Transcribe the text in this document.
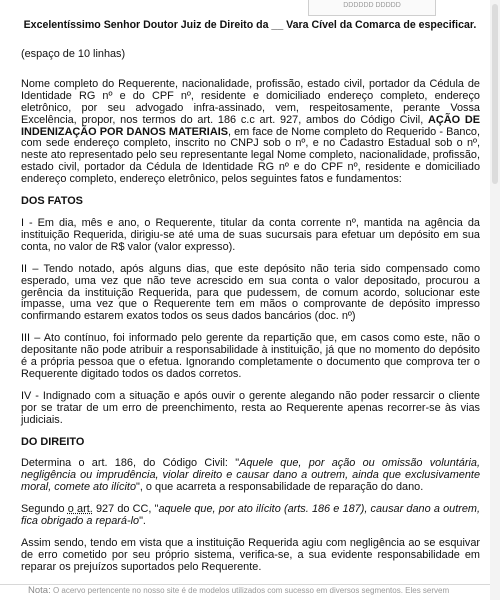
DDDDDD DDDDD
Excelentíssimo Senhor Doutor Juiz de Direito da __ Vara Cível da Comarca de especificar.

(espaço de 10 linhas)

Nome completo do Requerente, nacionalidade, profissão, estado civil, portador da Cédula de Identidade RG nº e do CPF nº, residente e domiciliado endereço completo, endereço eletrônico, por seu advogado infra-assinado, vem, respeitosamente, perante Vossa Excelência, propor, nos termos do art. 186 c.c art. 927, ambos do Código Civil, AÇÃO DE INDENIZAÇÃO POR DANOS MATERIAIS, em face de Nome completo do Requerido - Banco, com sede endereço completo, inscrito no CNPJ sob o nº, e no Cadastro Estadual sob o nº, neste ato representado pelo seu representante legal Nome completo, nacionalidade, profissão, estado civil, portador da Cédula de Identidade RG nº e do CPF nº, residente e domiciliado endereço completo, endereço eletrônico, pelos seguintes fatos e fundamentos:

DOS FATOS

I - Em dia, mês e ano, o Requerente, titular da conta corrente nº, mantida na agência da instituição Requerida, dirigiu-se até uma de suas sucursais para efetuar um depósito em sua conta, no valor de R$ valor (valor expresso).

II – Tendo notado, após alguns dias, que este depósito não teria sido compensado como esperado, uma vez que não teve acrescido em sua conta o valor depositado, procurou a gerência da instituição Requerida, para que pudessem, de comum acordo, solucionar este impasse, uma vez que o Requerente tem em mãos o comprovante de depósito impresso confirmando estarem exatos todos os seus dados bancários (doc. nº)

III – Ato contínuo, foi informado pelo gerente da repartição que, em casos como este, não o depositante não pode atribuir a responsabilidade à instituição, já que no momento do depósito é a própria pessoa que o efetua. Ignorando completamente o documento que comprova ter o Requerente digitado todos os dados corretos.

IV - Indignado com a situação e após ouvir o gerente alegando não poder ressarcir o cliente por se tratar de um erro de preenchimento, resta ao Requerente apenas recorrer-se às vias judiciais.

DO DIREITO

Determina o art. 186, do Código Civil: "Aquele que, por ação ou omissão voluntária, negligência ou imprudência, violar direito e causar dano a outrem, ainda que exclusivamente moral, comete ato ilícito", o que acarreta a responsabilidade de reparação do dano.

Segundo o art. 927 do CC, "aquele que, por ato ilícito (arts. 186 e 187), causar dano a outrem, fica obrigado a repará-lo".

Assim sendo, tendo em vista que a instituição Requerida agiu com negligência ao se esquivar de erro cometido por seu próprio sistema, verifica-se, a sua evidente responsabilidade em reparar os prejuízos suportados pelo Requerente.

Nota: O acervo pertencente no nosso site é de modelos utilizados com sucesso em diversos segmentos. Eles servem
